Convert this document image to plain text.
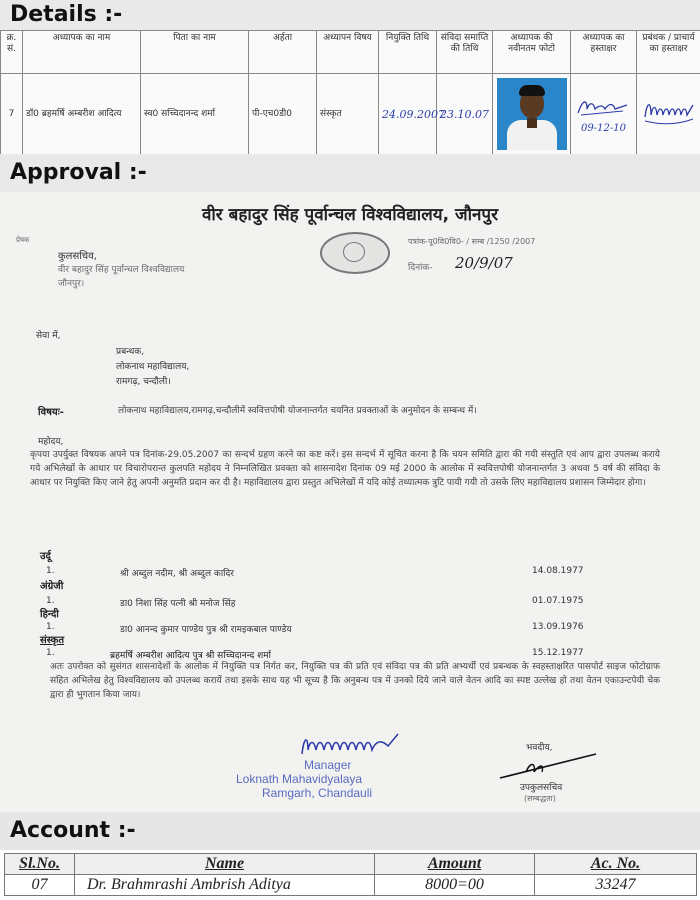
Details :-
क्र. सं.	अध्यापक का नाम	पिता का नाम	अर्हता	अध्यापन विषय	नियुक्ति तिथि	संविदा समाप्ति की तिथि	अध्यापक की नवीनतम फोटो	अध्यापक का हस्ताक्षर	प्रबंधक / प्राचार्य का हस्ताक्षर
7	डॉ0 ब्रहमर्षि अम्बरीश आदित्य	स्व0 सच्चिदानन्द शर्मा	पी-एच0डी0	संस्कृत	24.09.2007	23.10.07		09-12-10

Approval :-
वीर बहादुर सिंह पूर्वान्चल विश्वविद्यालय, जौनपुर
प्रेषक
कुलसचिव,
वीर बहादुर सिंह पूर्वान्चल विश्वविद्यालय
जौनपुर।
पत्रांक-पू0वि0वि0- / सम्ब /1250 /2007
दिनांक- 20/9/07
सेवा में,
प्रबन्धक,
लोकनाथ महाविद्यालय,
रामगढ़, चन्दौली।
विषयः-	लोकनाथ महाविद्यालय,रामगढ़,चन्दौलीमें स्ववित्तपोषी योजनान्तर्गत चयनित प्रवक्ताओं के अनुमोदन के सम्बन्ध में।
महोदय,
कृपया उपर्युक्त विषयक अपने पत्र दिनांक-29.05.2007 का सन्दर्भ ग्रहण करने का कष्ट करें। इस सन्दर्भ में सूचित करना है कि चयन समिति द्वारा की गयी संस्तुति एवं आप द्वारा उपलब्ध कराये गये अभिलेखों के आधार पर विचारोपरान्त कुलपति महोदय ने निम्नलिखित प्रवक्ता को शासनादेश दिनांक 09 मई 2000 के आलोक में स्ववित्तपोषी योजनान्तर्गत 3 अथवा 5 वर्ष की संविदा के आधार पर नियुक्ति किए जाने हेतु अपनी अनुमति प्रदान कर दी है। महाविद्यालय द्वारा प्रस्तुत अभिलेखों में यदि कोई तथ्यात्मक त्रुटि पायी गयी तो उसके लिए महाविद्यालय प्रशासन जिम्मेदार होगा।
उर्दू
1.	श्री अब्दुल नदीम, श्री अब्दुल कादिर	14.08.1977
अंग्रेजी
1.	डा0 निशा सिंह पत्नी श्री मनोज सिंह	01.07.1975
हिन्दी
1.	डा0 आनन्द कुमार पाण्डेय पुत्र श्री रामइकबाल पाण्डेय	13.09.1976
संस्कृत
1.	ब्रहमर्षि अम्बरीश आदित्य पुत्र श्री सच्चिदानन्द शर्मा	15.12.1977
अतः उपरोक्त को सुसंगत शासनादेशों के आलोक में नियुक्ति पत्र निर्गत कर, नियुक्ति पत्र की प्रति एवं संविदा पत्र की प्रति अभ्यर्थी एवं प्रबन्धक के स्वहस्ताक्षरित पासपोर्ट साइज फोटोग्राफ सहित अभिलेख हेतु विश्वविद्यालय को उपलब्ध करायें तथा इसके साथ यह भी सूच्य है कि अनुबन्ध पत्र में उनको दिये जाने वाले वेतन आदि का स्पष्ट उल्लेख हो तथा वेतन एकाउन्टपेयी चेक द्वारा ही भुगतान किया जाय।
भवदीय,
Manager
Loknath Mahavidyalaya
Ramgarh, Chandauli	उपकुलसचिव
(सम्बद्धता)
Account :-
Sl.No.	Name	Amount	Ac. No.
07	Dr. Brahmrashi Ambrish Aditya	8000=00	33247
